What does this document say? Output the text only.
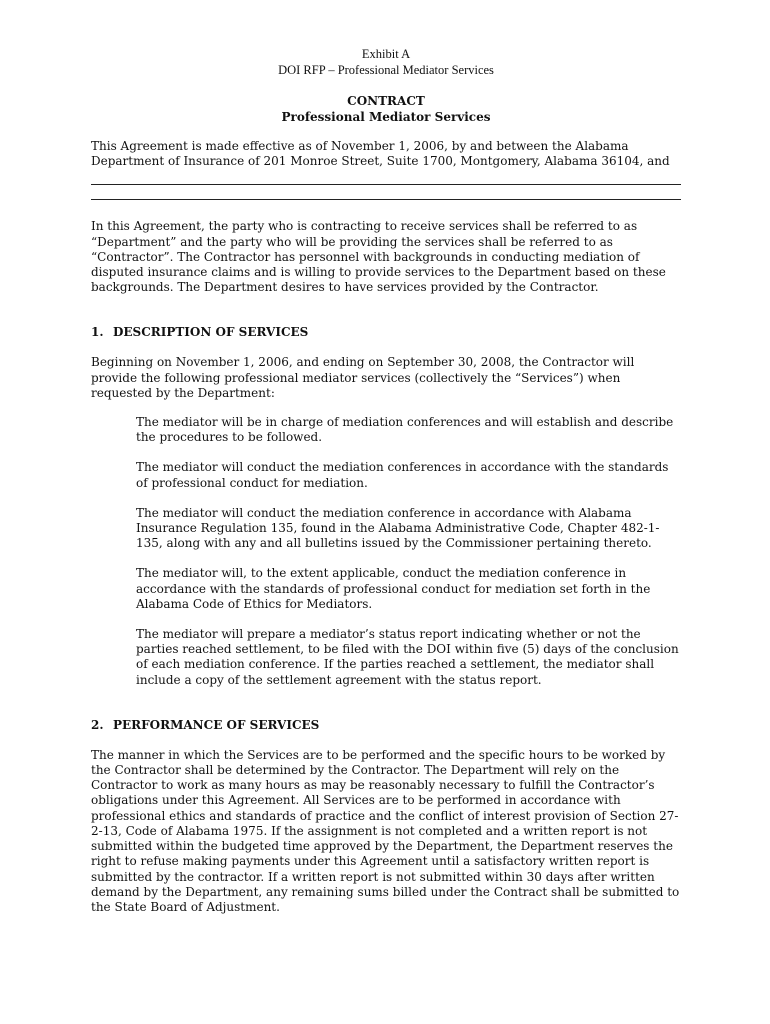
Exhibit A
DOI RFP – Professional Mediator Services
CONTRACT
Professional Mediator Services

This Agreement is made effective as of November 1, 2006, by and between the Alabama Department of Insurance of 201 Monroe Street, Suite 1700, Montgomery, Alabama 36104, and

In this Agreement, the party who is contracting to receive services shall be referred to as “Department” and the party who will be providing the services shall be referred to as “Contractor”. The Contractor has personnel with backgrounds in conducting mediation of disputed insurance claims and is willing to provide services to the Department based on these backgrounds. The Department desires to have services provided by the Contractor.

1. DESCRIPTION OF SERVICES

Beginning on November 1, 2006, and ending on September 30, 2008, the Contractor will provide the following professional mediator services (collectively the “Services”) when requested by the Department:

The mediator will be in charge of mediation conferences and will establish and describe the procedures to be followed.

The mediator will conduct the mediation conferences in accordance with the standards of professional conduct for mediation.

The mediator will conduct the mediation conference in accordance with Alabama Insurance Regulation 135, found in the Alabama Administrative Code, Chapter 482-1-135, along with any and all bulletins issued by the Commissioner pertaining thereto.

The mediator will, to the extent applicable, conduct the mediation conference in accordance with the standards of professional conduct for mediation set forth in the Alabama Code of Ethics for Mediators.

The mediator will prepare a mediator’s status report indicating whether or not the parties reached settlement, to be filed with the DOI within five (5) days of the conclusion of each mediation conference. If the parties reached a settlement, the mediator shall include a copy of the settlement agreement with the status report.

2. PERFORMANCE OF SERVICES

The manner in which the Services are to be performed and the specific hours to be worked by the Contractor shall be determined by the Contractor. The Department will rely on the Contractor to work as many hours as may be reasonably necessary to fulfill the Contractor’s obligations under this Agreement. All Services are to be performed in accordance with professional ethics and standards of practice and the conflict of interest provision of Section 27-2-13, Code of Alabama 1975. If the assignment is not completed and a written report is not submitted within the budgeted time approved by the Department, the Department reserves the right to refuse making payments under this Agreement until a satisfactory written report is submitted by the contractor. If a written report is not submitted within 30 days after written demand by the Department, any remaining sums billed under the Contract shall be submitted to the State Board of Adjustment.
